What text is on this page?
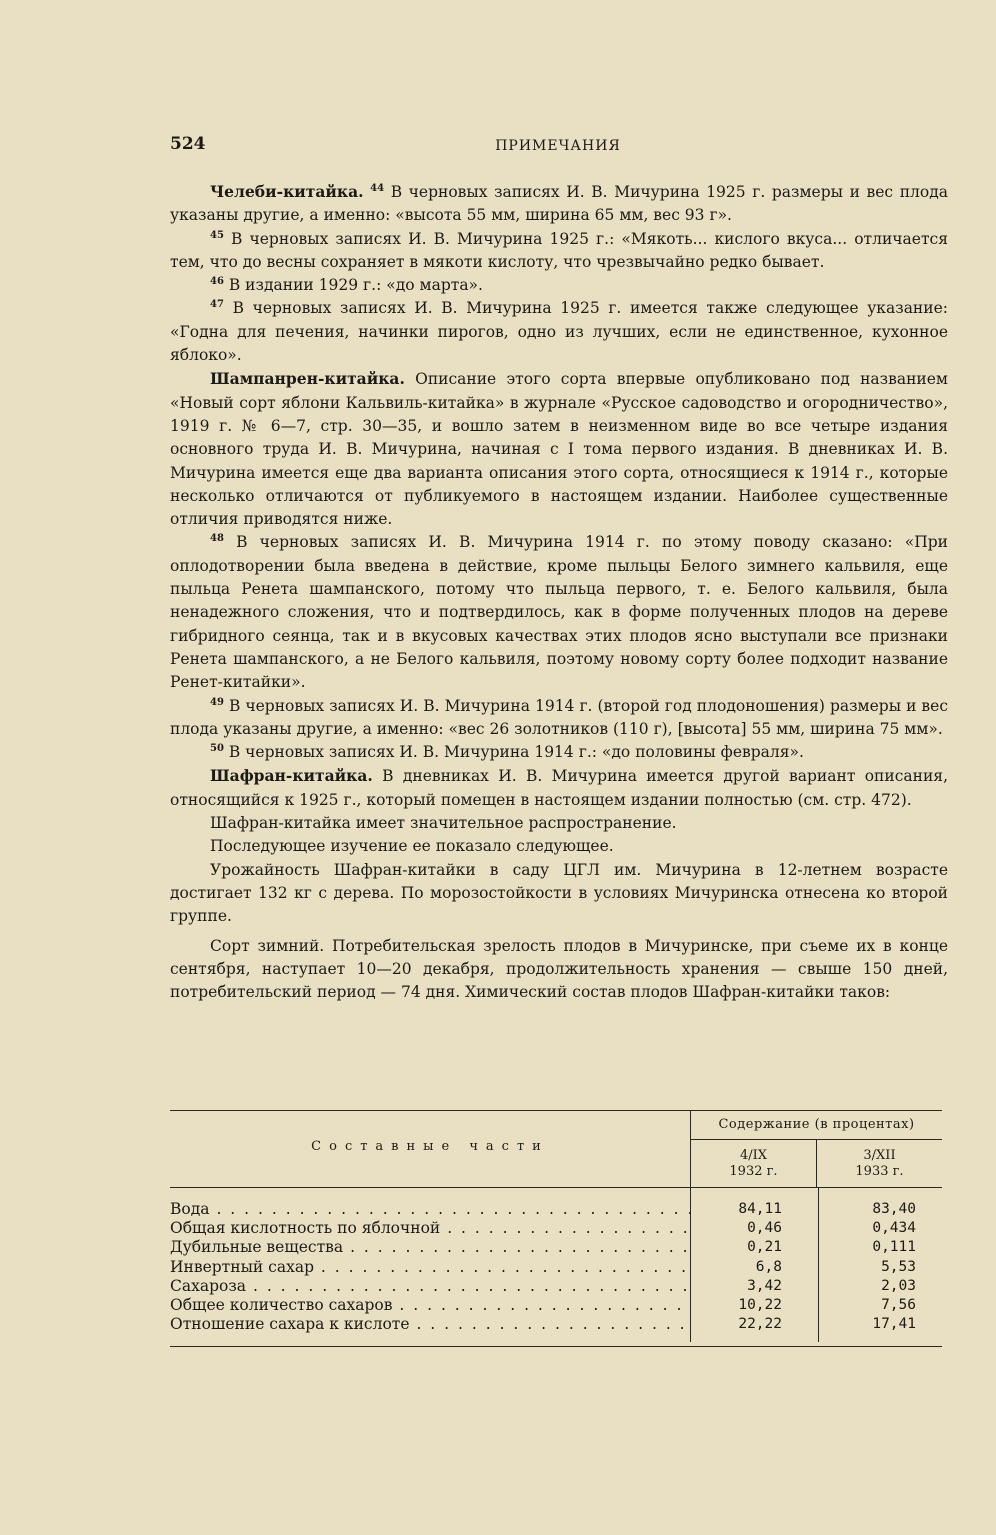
524	ПРИМЕЧАНИЯ

Челеби-китайка. $^{44}$ В черновых записях И. В. Мичурина 1925 г. размеры и вес плода указаны другие, а именно: «высота 55 мм, ширина 65 мм, вес 93 г».

$^{45}$ В черновых записях И. В. Мичурина 1925 г.: «Мякоть... кислого вкуса... отличается тем, что до весны сохраняет в мякоти кислоту, что чрезвычайно редко бывает.

$^{46}$ В издании 1929 г.: «до марта».

$^{47}$ В черновых записях И. В. Мичурина 1925 г. имеется также следующее указание: «Годна для печения, начинки пирогов, одно из лучших, если не единственное, кухонное яблоко».

Шампанрен-китайка. Описание этого сорта впервые опубликовано под названием «Новый сорт яблони Кальвиль-китайка» в журнале «Русское садоводство и огородничество», 1919 г. № 6—7, стр. 30—35, и вошло затем в неизменном виде во все четыре издания основного труда И. В. Мичурина, начиная с I тома первого издания. В дневниках И. В. Мичурина имеется еще два варианта описания этого сорта, относящиеся к 1914 г., которые несколько отличаются от публикуемого в настоящем издании. Наиболее существенные отличия приводятся ниже.

$^{48}$ В черновых записях И. В. Мичурина 1914 г. по этому поводу сказано: «При оплодотворении была введена в действие, кроме пыльцы Белого зимнего кальвиля, еще пыльца Ренета шампанского, потому что пыльца первого, т. е. Белого кальвиля, была ненадежного сложения, что и подтвердилось, как в форме полученных плодов на дереве гибридного сеянца, так и в вкусовых качествах этих плодов ясно выступали все признаки Ренета шампанского, а не Белого кальвиля, поэтому новому сорту более подходит название Ренет-китайки».

$^{49}$ В черновых записях И. В. Мичурина 1914 г. (второй год плодоношения) размеры и вес плода указаны другие, а именно: «вес 26 золотников (110 г), [высота] 55 мм, ширина 75 мм».

$^{50}$ В черновых записях И. В. Мичурина 1914 г.: «до половины февраля».

Шафран-китайка. В дневниках И. В. Мичурина имеется другой вариант описания, относящийся к 1925 г., который помещен в настоящем издании полностью (см. стр. 472).

Шафран-китайка имеет значительное распространение.

Последующее изучение ее показало следующее.

Урожайность Шафран-китайки в саду ЦГЛ им. Мичурина в 12-летнем возрасте достигает 132 кг с дерева. По морозостойкости в условиях Мичуринска отнесена ко второй группе.

Сорт зимний. Потребительская зрелость плодов в Мичуринске, при съеме их в конце сентября, наступает 10—20 декабря, продолжительность хранения — свыше 150 дней, потребительский период — 74 дня. Химический состав плодов Шафран-китайки таков:

Составные части
Содержание (в процентах)
4/IX
1932 г.
3/XII
1933 г.
Вода . . .	84,11	83,40
Общая кислотность по яблочной . . .	0,46	0,434
Дубильные вещества . . .	0,21	0,111
Инвертный сахар . . .	6,8	5,53
Сахароза . . .	3,42	2,03
Общее количество сахаров . . .	10,22	7,56
Отношение сахара к кислоте . . .	22,22	17,41
